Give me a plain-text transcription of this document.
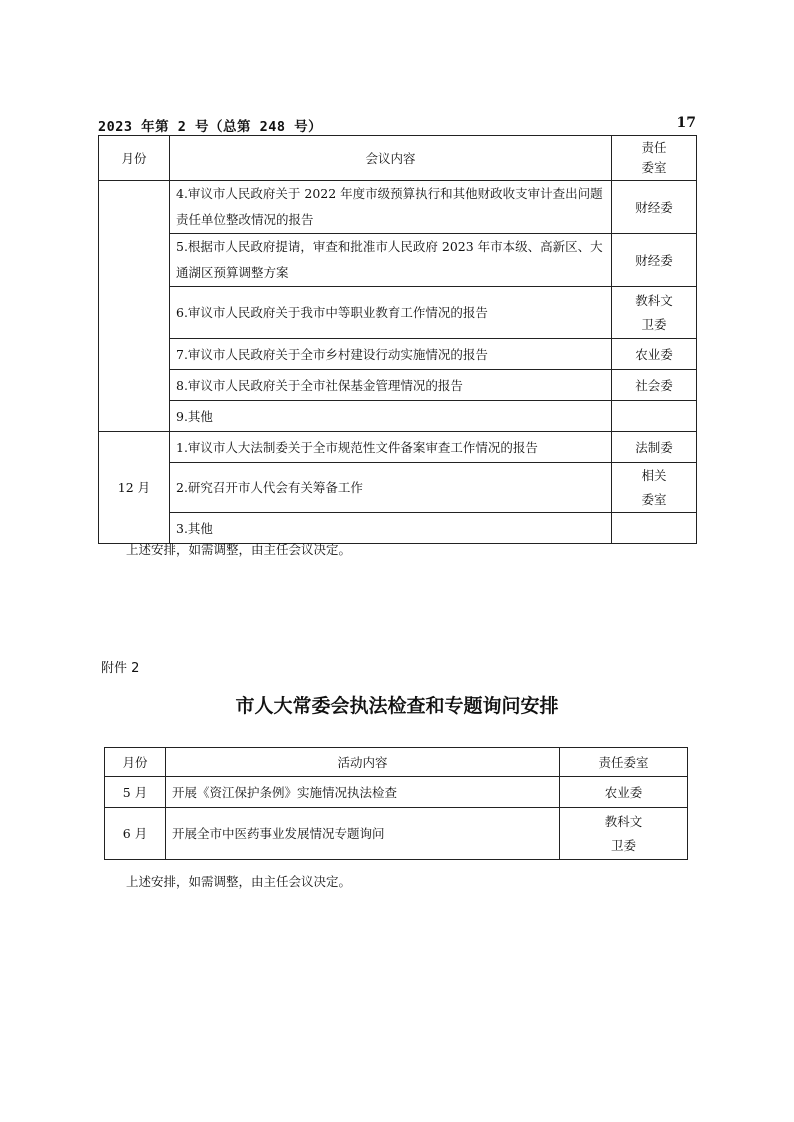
2023 年第 2 号（总第 248 号）	17
月份	会议内容	责任委室
	4.审议市人民政府关于 2022 年度市级预算执行和其他财政收支审计查出问题责任单位整改情况的报告	财经委
	5.根据市人民政府提请，审查和批准市人民政府 2023 年市本级、高新区、大通湖区预算调整方案	财经委
	6.审议市人民政府关于我市中等职业教育工作情况的报告	教科文卫委
	7.审议市人民政府关于全市乡村建设行动实施情况的报告	农业委
	8.审议市人民政府关于全市社保基金管理情况的报告	社会委
	9.其他	
12 月	1.审议市人大法制委关于全市规范性文件备案审查工作情况的报告	法制委
	2.研究召开市人代会有关筹备工作	相关委室
	3.其他	
上述安排，如需调整，由主任会议决定。
附件 2
市人大常委会执法检查和专题询问安排
月份	活动内容	责任委室
5 月	开展《资江保护条例》实施情况执法检查	农业委
6 月	开展全市中医药事业发展情况专题询问	教科文卫委
上述安排，如需调整，由主任会议决定。
